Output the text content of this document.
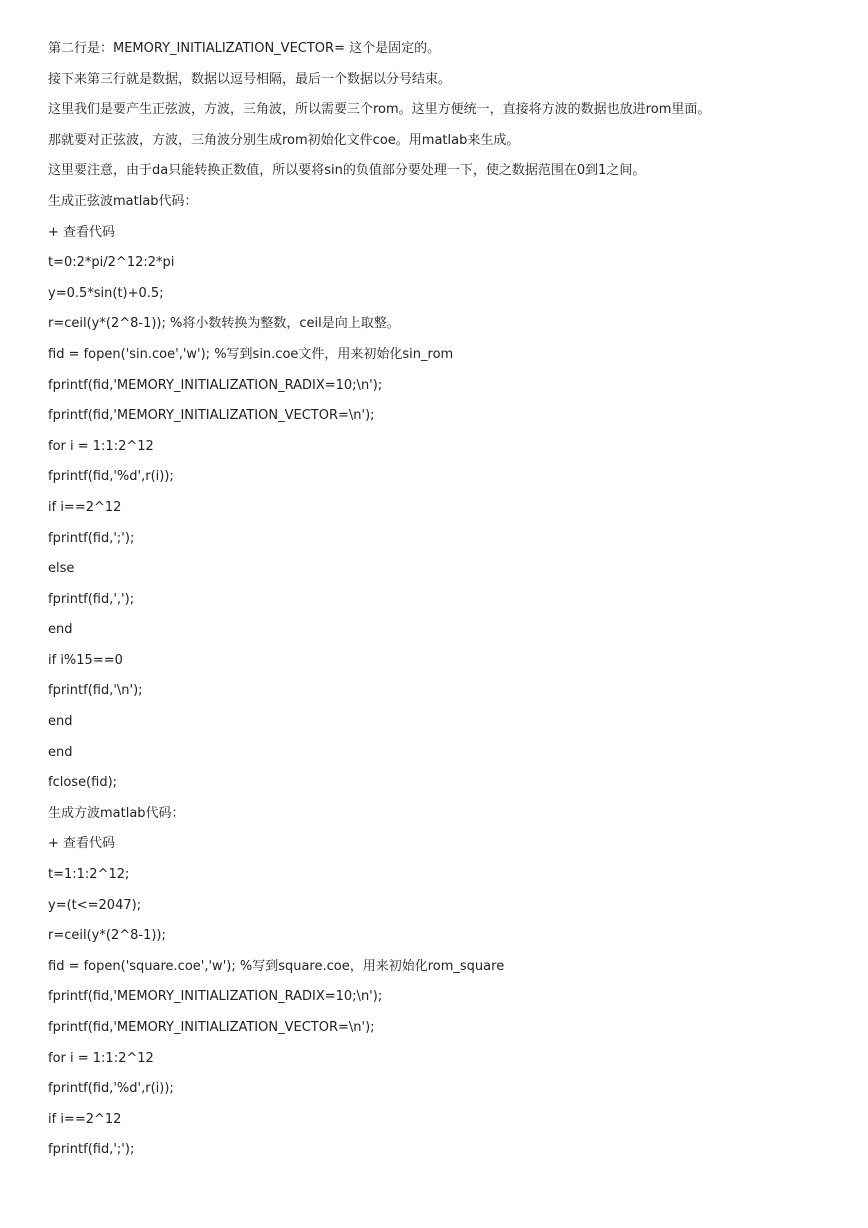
第二行是：MEMORY_INITIALIZATION_VECTOR= 这个是固定的。
接下来第三行就是数据，数据以逗号相隔，最后一个数据以分号结束。
这里我们是要产生正弦波，方波，三角波，所以需要三个rom。这里方便统一，直接将方波的数据也放进rom里面。
那就要对正弦波，方波，三角波分别生成rom初始化文件coe。用matlab来生成。
这里要注意，由于da只能转换正数值，所以要将sin的负值部分要处理一下，使之数据范围在0到1之间。
生成正弦波matlab代码：
+ 查看代码
t=0:2*pi/2^12:2*pi
y=0.5*sin(t)+0.5;
r=ceil(y*(2^8-1)); %将小数转换为整数，ceil是向上取整。
fid = fopen('sin.coe','w'); %写到sin.coe文件，用来初始化sin_rom
fprintf(fid,'MEMORY_INITIALIZATION_RADIX=10;\n');
fprintf(fid,'MEMORY_INITIALIZATION_VECTOR=\n');
for i = 1:1:2^12
fprintf(fid,'%d',r(i));
if i==2^12
fprintf(fid,';');
else
fprintf(fid,',');
end
if i%15==0
fprintf(fid,'\n');
end
end
fclose(fid);
生成方波matlab代码：
+ 查看代码
t=1:1:2^12;
y=(t<=2047);
r=ceil(y*(2^8-1));
fid = fopen('square.coe','w'); %写到square.coe，用来初始化rom_square
fprintf(fid,'MEMORY_INITIALIZATION_RADIX=10;\n');
fprintf(fid,'MEMORY_INITIALIZATION_VECTOR=\n');
for i = 1:1:2^12
fprintf(fid,'%d',r(i));
if i==2^12
fprintf(fid,';');
